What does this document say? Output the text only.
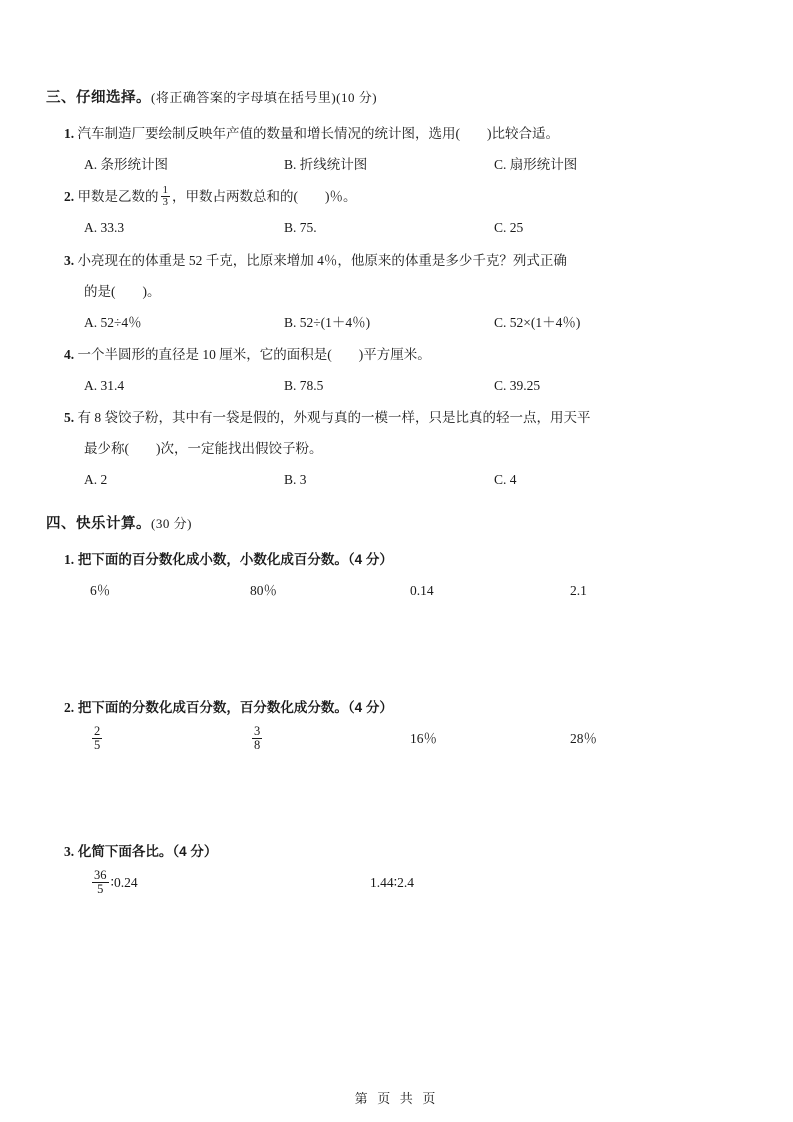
三、仔细选择。(将正确答案的字母填在括号里)(10 分)
1. 汽车制造厂要绘制反映年产值的数量和增长情况的统计图，选用(　　)比较合适。
A. 条形统计图	B. 折线统计图	C. 扇形统计图
2. 甲数是乙数的 $\frac{1}{3}$ ，甲数占两数总和的(　　)％。
A. 33.3	B. 75.	C. 25
3. 小亮现在的体重是 52 千克，比原来增加 4％，他原来的体重是多少千克？列式正确
的是(　　)。
A. 52÷4％	B. 52÷(1＋4％)	C. 52×(1＋4％)
4. 一个半圆形的直径是 10 厘米，它的面积是(　　)平方厘米。
A. 31.4	B. 78.5	C. 39.25
5. 有 8 袋饺子粉，其中有一袋是假的，外观与真的一模一样，只是比真的轻一点，用天平
最少称(　　)次，一定能找出假饺子粉。
A. 2	B. 3	C. 4
四、快乐计算。(30 分)
1. 把下面的百分数化成小数，小数化成百分数。（4 分）
6％	80％	0.14	2.1
2. 把下面的分数化成百分数，百分数化成分数。（4 分）
$\frac{2}{5}$	$\frac{3}{8}$	16％	28％
3. 化简下面各比。（4 分）
$\frac{36}{5}$ ∶0.24	1.44∶2.4
第 页 共 页
